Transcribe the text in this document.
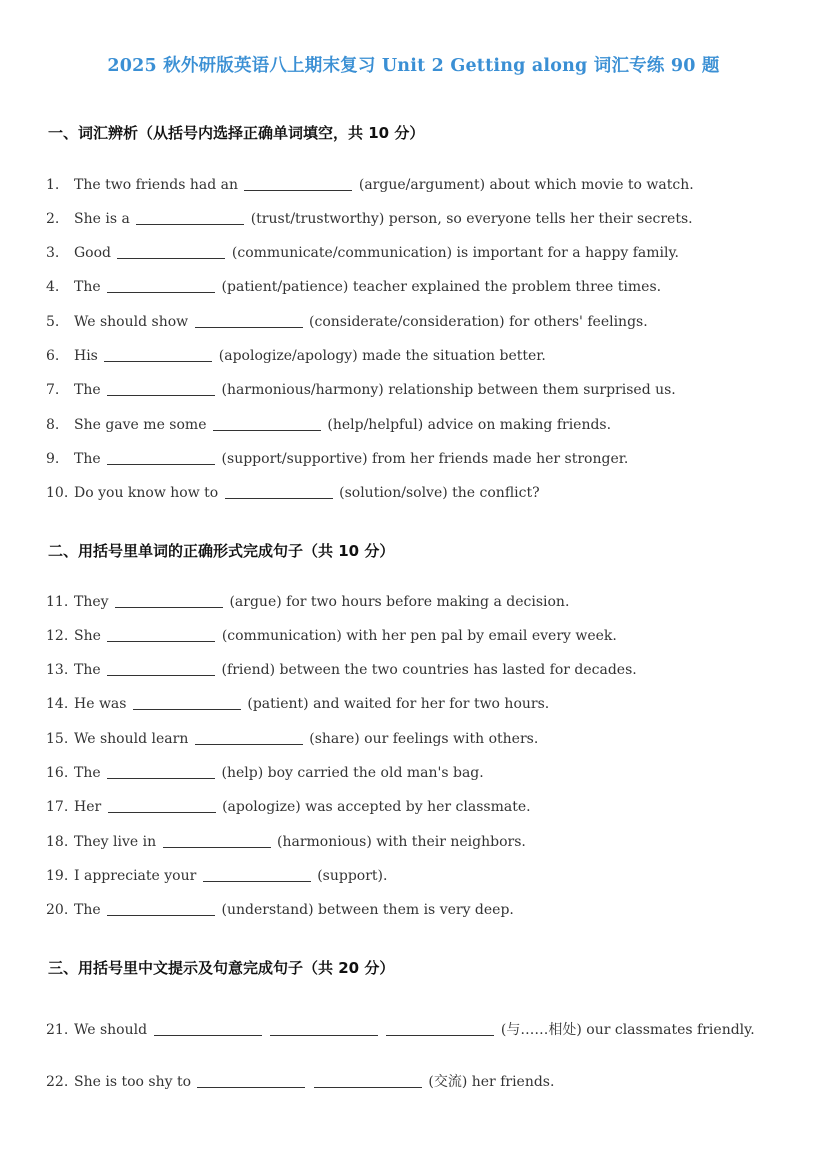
2025 秋外研版英语八上期末复习 Unit 2 Getting along 词汇专练 90 题
一、词汇辨析（从括号内选择正确单词填空，共 10 分）
1. The two friends had an	(argue/argument) about which movie to watch.
2. She is a	(trust/trustworthy) person, so everyone tells her their secrets.
3. Good	(communicate/communication) is important for a happy family.
4. The	(patient/patience) teacher explained the problem three times.
5. We should show	(considerate/consideration) for others' feelings.
6. His	(apologize/apology) made the situation better.
7. The	(harmonious/harmony) relationship between them surprised us.
8. She gave me some	(help/helpful) advice on making friends.
9. The	(support/supportive) from her friends made her stronger.
10. Do you know how to	(solution/solve) the conflict?
二、用括号里单词的正确形式完成句子（共 10 分）
11. They	(argue) for two hours before making a decision.
12. She	(communication) with her pen pal by email every week.
13. The	(friend) between the two countries has lasted for decades.
14. He was	(patient) and waited for her for two hours.
15. We should learn	(share) our feelings with others.
16. The	(help) boy carried the old man's bag.
17. Her	(apologize) was accepted by her classmate.
18. They live in	(harmonious) with their neighbors.
19. I appreciate your	(support).
20. The	(understand) between them is very deep.
三、用括号里中文提示及句意完成句子（共 20 分）
21. We should	(与……相处) our classmates friendly.
22. She is too shy to	(交流) her friends.
